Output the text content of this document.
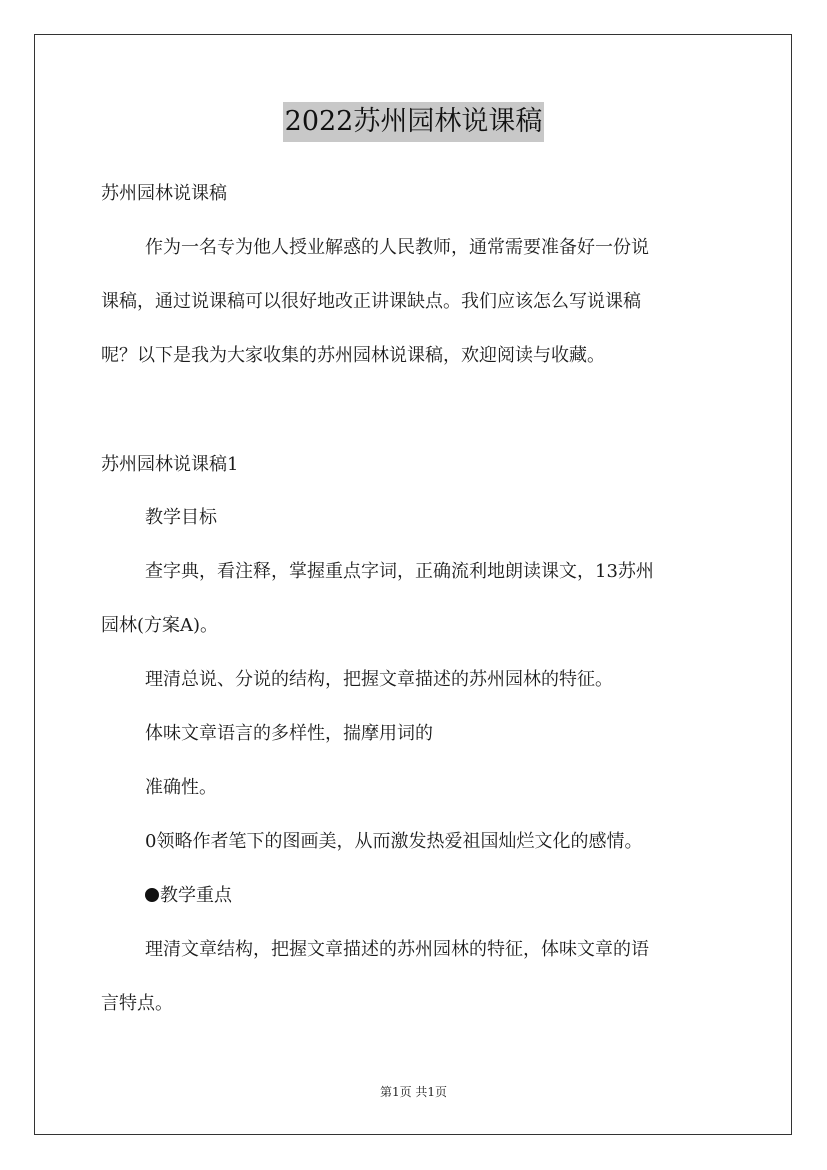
2022苏州园林说课稿
苏州园林说课稿
作为一名专为他人授业解惑的人民教师，通常需要准备好一份说
课稿，通过说课稿可以很好地改正讲课缺点。我们应该怎么写说课稿
呢？以下是我为大家收集的苏州园林说课稿，欢迎阅读与收藏。
苏州园林说课稿1
教学目标
查字典，看注释，掌握重点字词，正确流利地朗读课文，13苏州
园林(方案A)。
理清总说、分说的结构，把握文章描述的苏州园林的特征。
体味文章语言的多样性，揣摩用词的
准确性。
0领略作者笔下的图画美，从而激发热爱祖国灿烂文化的感情。
教学重点
理清文章结构，把握文章描述的苏州园林的特征，体味文章的语
言特点。
第1页 共1页
